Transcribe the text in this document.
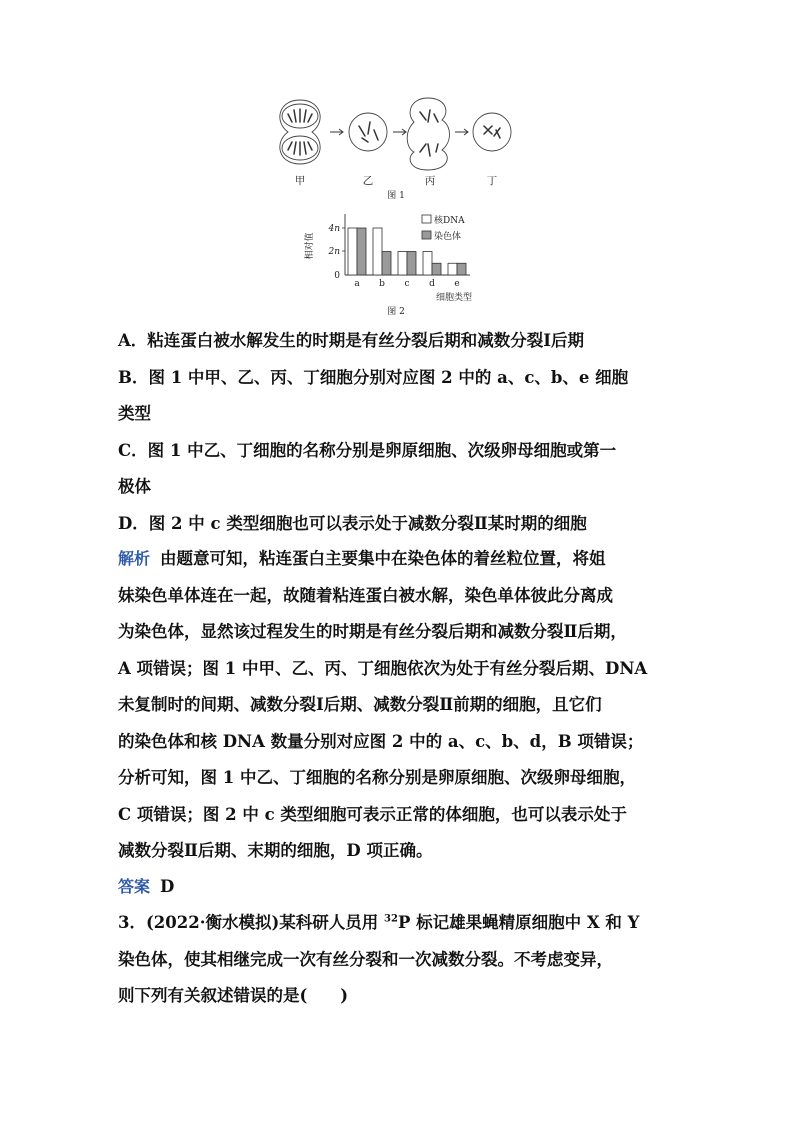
甲	乙	丙	丁
图 1
相对值
4n
2n
0
a b c d e
细胞类型
核DNA
染色体
图 2

A．粘连蛋白被水解发生的时期是有丝分裂后期和减数分裂Ⅰ后期

B．图 1 中甲、乙、丙、丁细胞分别对应图 2 中的 a、c、b、e 细胞

类型

C．图 1 中乙、丁细胞的名称分别是卵原细胞、次级卵母细胞或第一

极体

D．图 2 中 c 类型细胞也可以表示处于减数分裂Ⅱ某时期的细胞

解析 由题意可知，粘连蛋白主要集中在染色体的着丝粒位置，将姐

妹染色单体连在一起，故随着粘连蛋白被水解，染色单体彼此分离成

为染色体，显然该过程发生的时期是有丝分裂后期和减数分裂Ⅱ后期，

A 项错误；图 1 中甲、乙、丙、丁细胞依次为处于有丝分裂后期、DNA

未复制时的间期、减数分裂Ⅰ后期、减数分裂Ⅱ前期的细胞，且它们

的染色体和核 DNA 数量分别对应图 2 中的 a、c、b、d，B 项错误；

分析可知，图 1 中乙、丁细胞的名称分别是卵原细胞、次级卵母细胞，

C 项错误；图 2 中 c 类型细胞可表示正常的体细胞，也可以表示处于

减数分裂Ⅱ后期、末期的细胞，D 项正确。

答案 D

3．(2022·衡水模拟)某科研人员用 $^{32}$P 标记雄果蝇精原细胞中 X 和 Y

染色体，使其相继完成一次有丝分裂和一次减数分裂。不考虑变异，

则下列有关叙述错误的是(　　)
